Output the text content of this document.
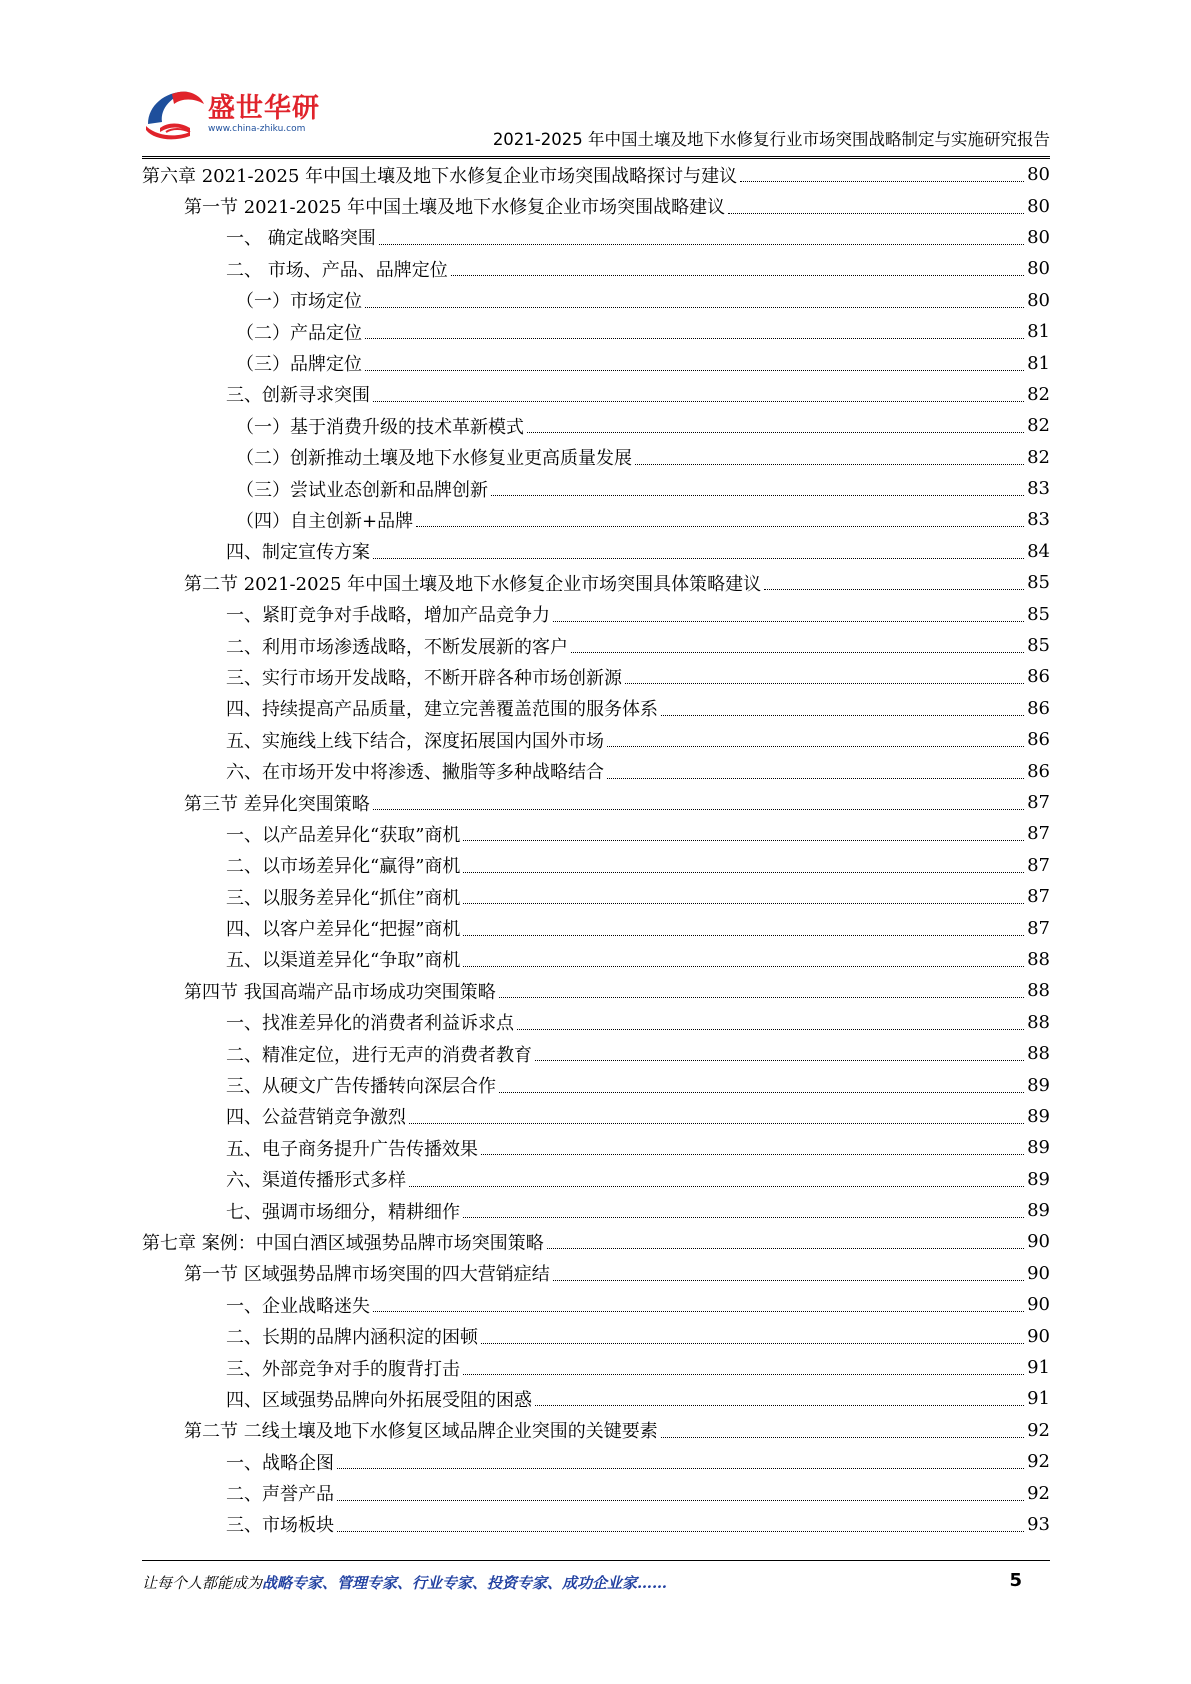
盛世华研
www.china-zhiku.com
2021-2025 年中国土壤及地下水修复行业市场突围战略制定与实施研究报告
第六章 2021-2025 年中国土壤及地下水修复企业市场突围战略探讨与建议	80
第一节 2021-2025 年中国土壤及地下水修复企业市场突围战略建议	80
一、 确定战略突围	80
二、 市场、产品、品牌定位	80
（一）市场定位	80
（二）产品定位	81
（三）品牌定位	81
三、创新寻求突围	82
（一）基于消费升级的技术革新模式	82
（二）创新推动土壤及地下水修复业更高质量发展	82
（三）尝试业态创新和品牌创新	83
（四）自主创新+品牌	83
四、制定宣传方案	84
第二节 2021-2025 年中国土壤及地下水修复企业市场突围具体策略建议	85
一、紧盯竞争对手战略，增加产品竞争力	85
二、利用市场渗透战略，不断发展新的客户	85
三、实行市场开发战略，不断开辟各种市场创新源	86
四、持续提高产品质量，建立完善覆盖范围的服务体系	86
五、实施线上线下结合，深度拓展国内国外市场	86
六、在市场开发中将渗透、撇脂等多种战略结合	86
第三节 差异化突围策略	87
一、以产品差异化“获取”商机	87
二、以市场差异化“赢得”商机	87
三、以服务差异化“抓住”商机	87
四、以客户差异化“把握”商机	87
五、以渠道差异化“争取”商机	88
第四节 我国高端产品市场成功突围策略	88
一、找准差异化的消费者利益诉求点	88
二、精准定位，进行无声的消费者教育	88
三、从硬文广告传播转向深层合作	89
四、公益营销竞争激烈	89
五、电子商务提升广告传播效果	89
六、渠道传播形式多样	89
七、强调市场细分，精耕细作	89
第七章 案例：中国白酒区域强势品牌市场突围策略	90
第一节 区域强势品牌市场突围的四大营销症结	90
一、企业战略迷失	90
二、长期的品牌内涵积淀的困顿	90
三、外部竞争对手的腹背打击	91
四、区域强势品牌向外拓展受阻的困惑	91
第二节 二线土壤及地下水修复区域品牌企业突围的关键要素	92
一、战略企图	92
二、声誉产品	92
三、市场板块	93
让每个人都能成为战略专家、管理专家、行业专家、投资专家、成功企业家……	5
